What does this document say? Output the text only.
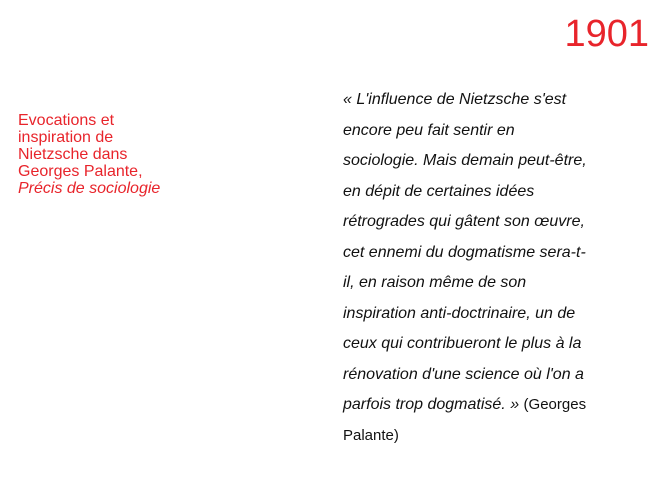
1901
Evocations et
inspiration de
Nietzsche dans
Georges Palante,
Précis de sociologie
« L'influence de Nietzsche s'est
encore peu fait sentir en
sociologie. Mais demain peut-être,
en dépit de certaines idées
rétrogrades qui gâtent son œuvre,
cet ennemi du dogmatisme sera-t-
il, en raison même de son
inspiration anti-doctrinaire, un de
ceux qui contribueront le plus à la
rénovation d'une science où l'on a
parfois trop dogmatisé. » (Georges
Palante)
